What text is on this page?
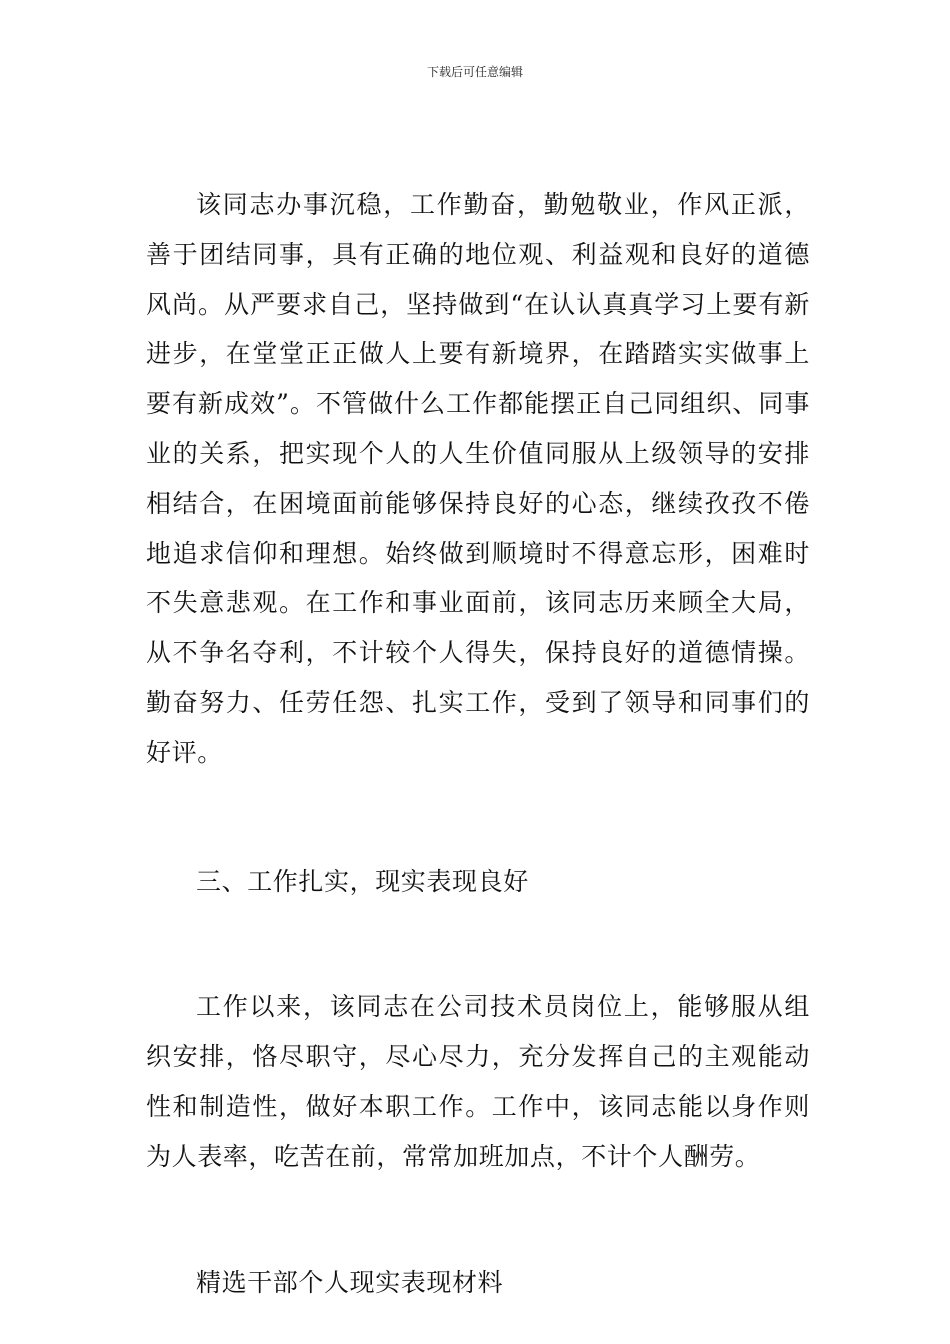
下载后可任意编辑

该同志办事沉稳，工作勤奋，勤勉敬业，作风正派，善于团结同事，具有正确的地位观、利益观和良好的道德风尚。从严要求自己，坚持做到“在认认真真学习上要有新进步，在堂堂正正做人上要有新境界，在踏踏实实做事上要有新成效”。不管做什么工作都能摆正自己同组织、同事业的关系，把实现个人的人生价值同服从上级领导的安排相结合，在困境面前能够保持良好的心态，继续孜孜不倦地追求信仰和理想。始终做到顺境时不得意忘形，困难时不失意悲观。在工作和事业面前，该同志历来顾全大局，从不争名夺利，不计较个人得失，保持良好的道德情操。勤奋努力、任劳任怨、扎实工作，受到了领导和同事们的好评。

三、工作扎实，现实表现良好

工作以来，该同志在公司技术员岗位上，能够服从组织安排，恪尽职守，尽心尽力，充分发挥自己的主观能动性和制造性，做好本职工作。工作中，该同志能以身作则为人表率，吃苦在前，常常加班加点，不计个人酬劳。

精选干部个人现实表现材料
